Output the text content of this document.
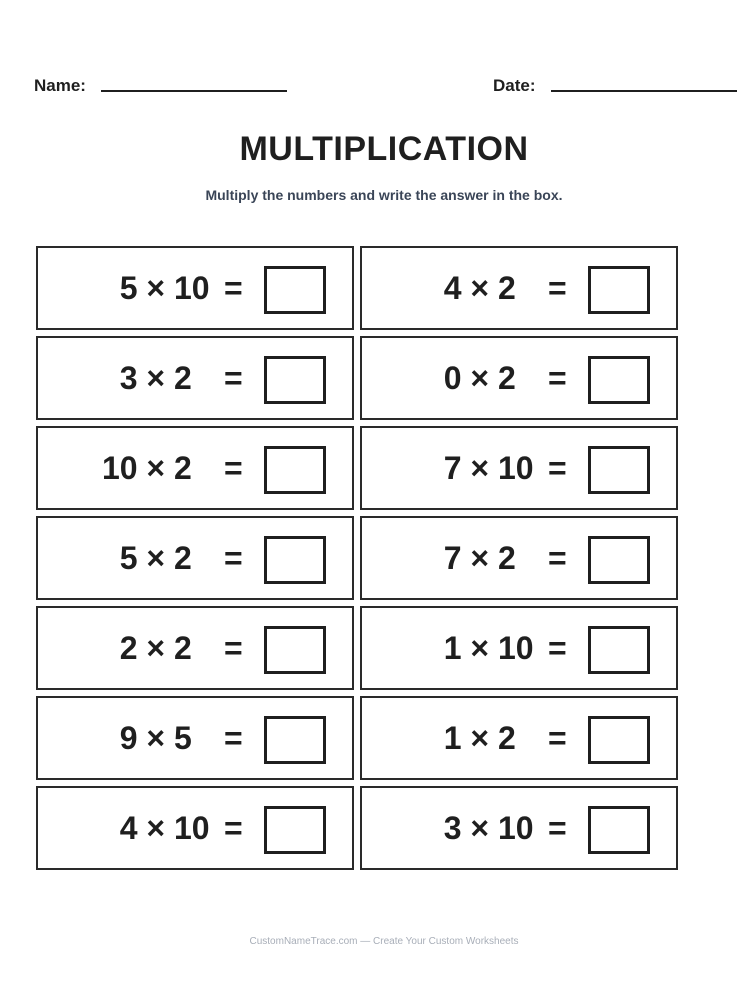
Name:	Date:
MULTIPLICATION
Multiply the numbers and write the answer in the box.
5 × 10 =	4 × 2	=
3 × 2	=	0 × 2	=
10 × 2	=	7 × 10 =
5 × 2	=	7 × 2	=
2 × 2	=	1 × 10 =
9 × 5	=	1 × 2	=
4 × 10 =	3 × 10 =
CustomNameTrace.com — Create Your Custom Worksheets
